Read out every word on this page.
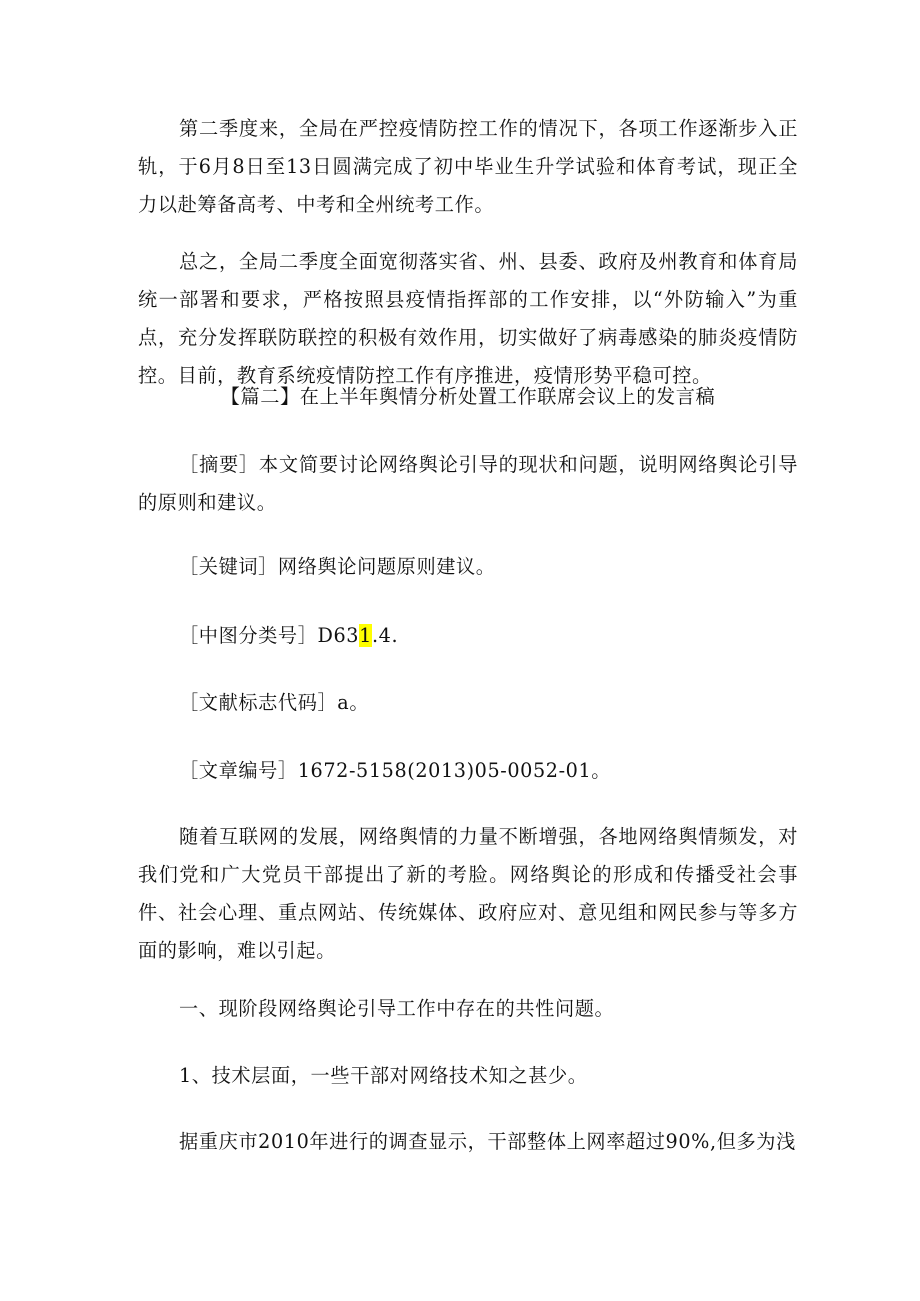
第二季度来，全局在严控疫情防控工作的情况下，各项工作逐渐步入正轨，于6月8日至13日圆满完成了初中毕业生升学试验和体育考试，现正全力以赴筹备高考、中考和全州统考工作。

总之，全局二季度全面宽彻落实省、州、县委、政府及州教育和体育局统一部署和要求，严格按照县疫情指挥部的工作安排，以“外防输入”为重点，充分发挥联防联控的积极有效作用，切实做好了病毒感染的肺炎疫情防控。目前，教育系统疫情防控工作有序推进，疫情形势平稳可控。

【篇二】在上半年舆情分析处置工作联席会议上的发言稿

［摘要］本文简要讨论网络舆论引导的现状和问题，说明网络舆论引导的原则和建议。

［关键词］网络舆论问题原则建议。

［中图分类号］D631.4.

［文献标志代码］a。

［文章编号］1672-5158(2013)05-0052-01。

随着互联网的发展，网络舆情的力量不断增强，各地网络舆情频发，对我们党和广大党员干部提出了新的考脸。网络舆论的形成和传播受社会事件、社会心理、重点网站、传统媒体、政府应对、意见组和网民参与等多方面的影响，难以引起。

一、现阶段网络舆论引导工作中存在的共性问题。

1、技术层面，一些干部对网络技术知之甚少。

据重庆市2010年进行的调查显示，干部整体上网率超过90%,但多为浅
